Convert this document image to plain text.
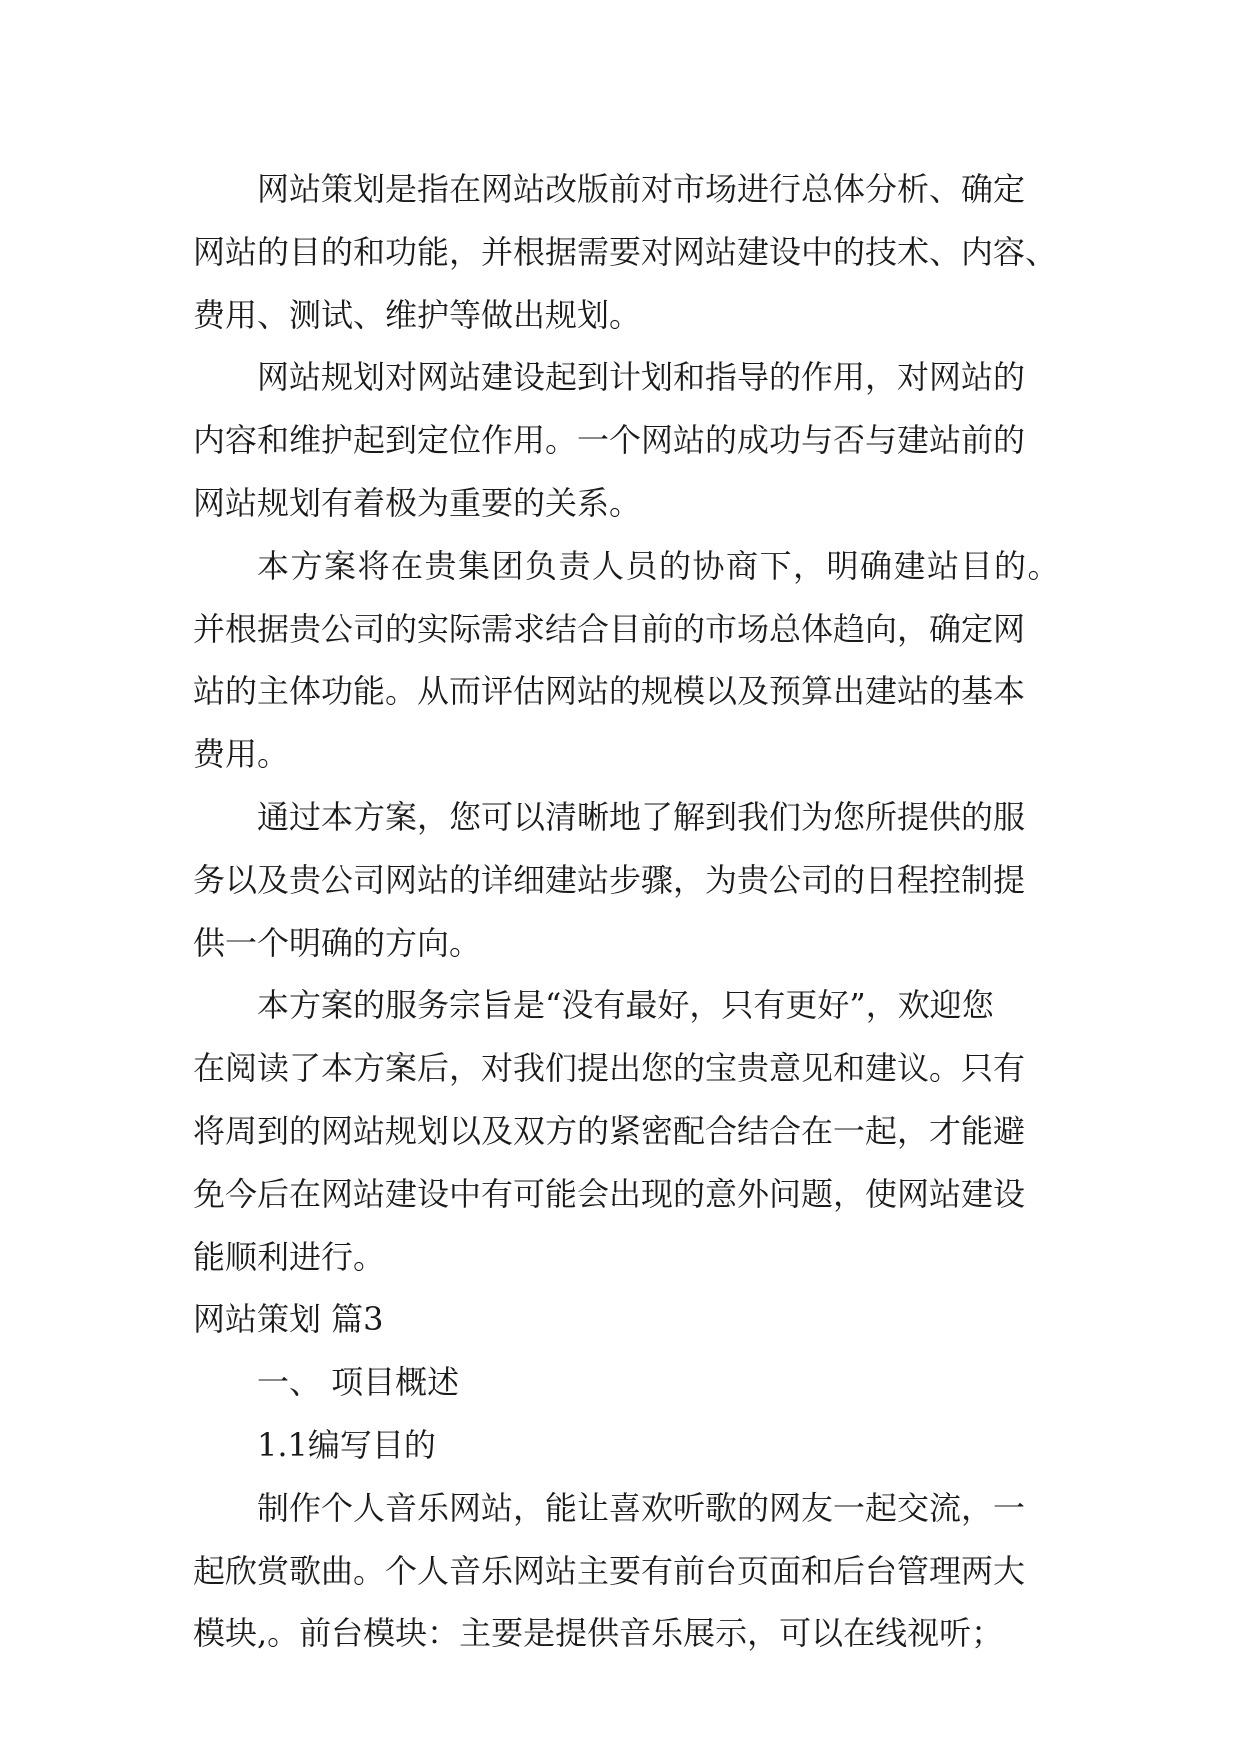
网站策划是指在网站改版前对市场进行总体分析、确定
网站的目的和功能，并根据需要对网站建设中的技术、内容、
费用、测试、维护等做出规划。
网站规划对网站建设起到计划和指导的作用，对网站的
内容和维护起到定位作用。一个网站的成功与否与建站前的
网站规划有着极为重要的关系。
本方案将在贵集团负责人员的协商下，明确建站目的。
并根据贵公司的实际需求结合目前的市场总体趋向，确定网
站的主体功能。从而评估网站的规模以及预算出建站的基本
费用。
通过本方案，您可以清晰地了解到我们为您所提供的服
务以及贵公司网站的详细建站步骤，为贵公司的日程控制提
供一个明确的方向。
本方案的服务宗旨是“没有最好，只有更好”，欢迎您
在阅读了本方案后，对我们提出您的宝贵意见和建议。只有
将周到的网站规划以及双方的紧密配合结合在一起，才能避
免今后在网站建设中有可能会出现的意外问题，使网站建设
能顺利进行。
网站策划 篇3
一、 项目概述
1.1编写目的
制作个人音乐网站，能让喜欢听歌的网友一起交流，一
起欣赏歌曲。个人音乐网站主要有前台页面和后台管理两大
模块,。前台模块：主要是提供音乐展示，可以在线视听；
